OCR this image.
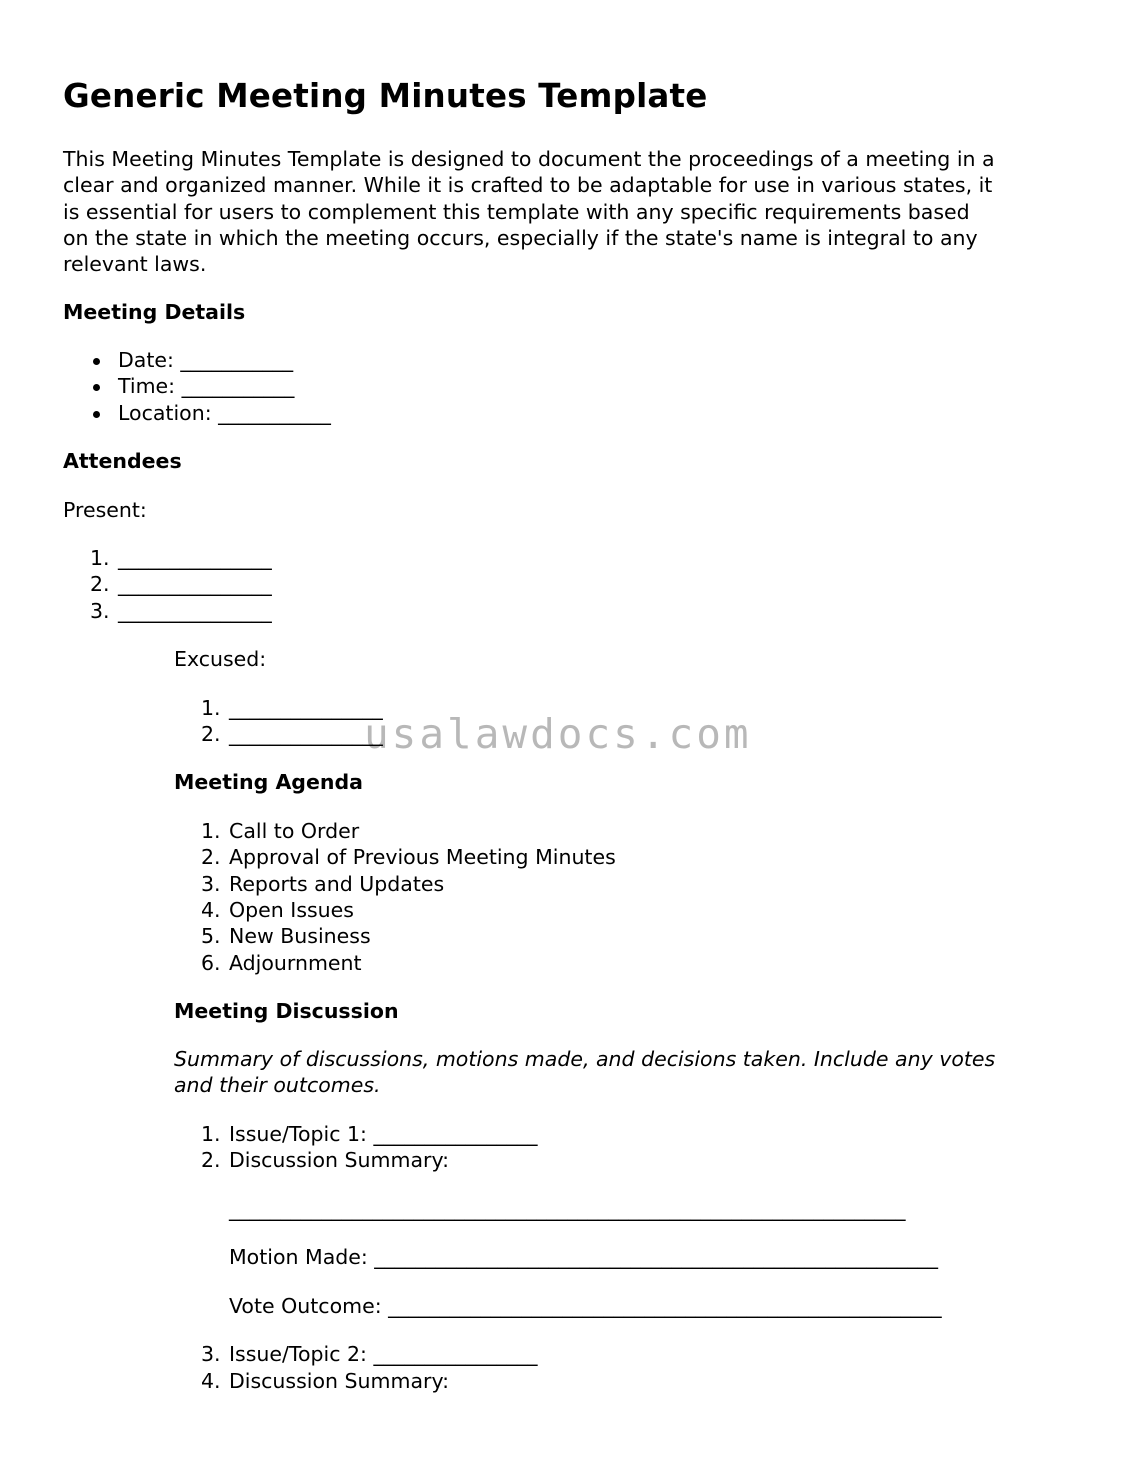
Generic Meeting Minutes Template

This Meeting Minutes Template is designed to document the proceedings of a meeting in a
clear and organized manner. While it is crafted to be adaptable for use in various states, it
is essential for users to complement this template with any specific requirements based
on the state in which the meeting occurs, especially if the state's name is integral to any
relevant laws.

Meeting Details
Date: ___________
Time: ___________
Location: ___________
Attendees
Present:
1. _______________
2. _______________
3. _______________
Excused:
1. _______________
2. _______________
usalawdocs.com
Meeting Agenda
1. Call to Order
2. Approval of Previous Meeting Minutes
3. Reports and Updates
4. Open Issues
5. New Business
6. Adjournment
Meeting Discussion
Summary of discussions, motions made, and decisions taken. Include any votes
and their outcomes.
1. Issue/Topic 1: ________________
2. Discussion Summary:
__________________________________________________________________
Motion Made: _______________________________________________________
Vote Outcome: ______________________________________________________
3. Issue/Topic 2: ________________
4. Discussion Summary:
